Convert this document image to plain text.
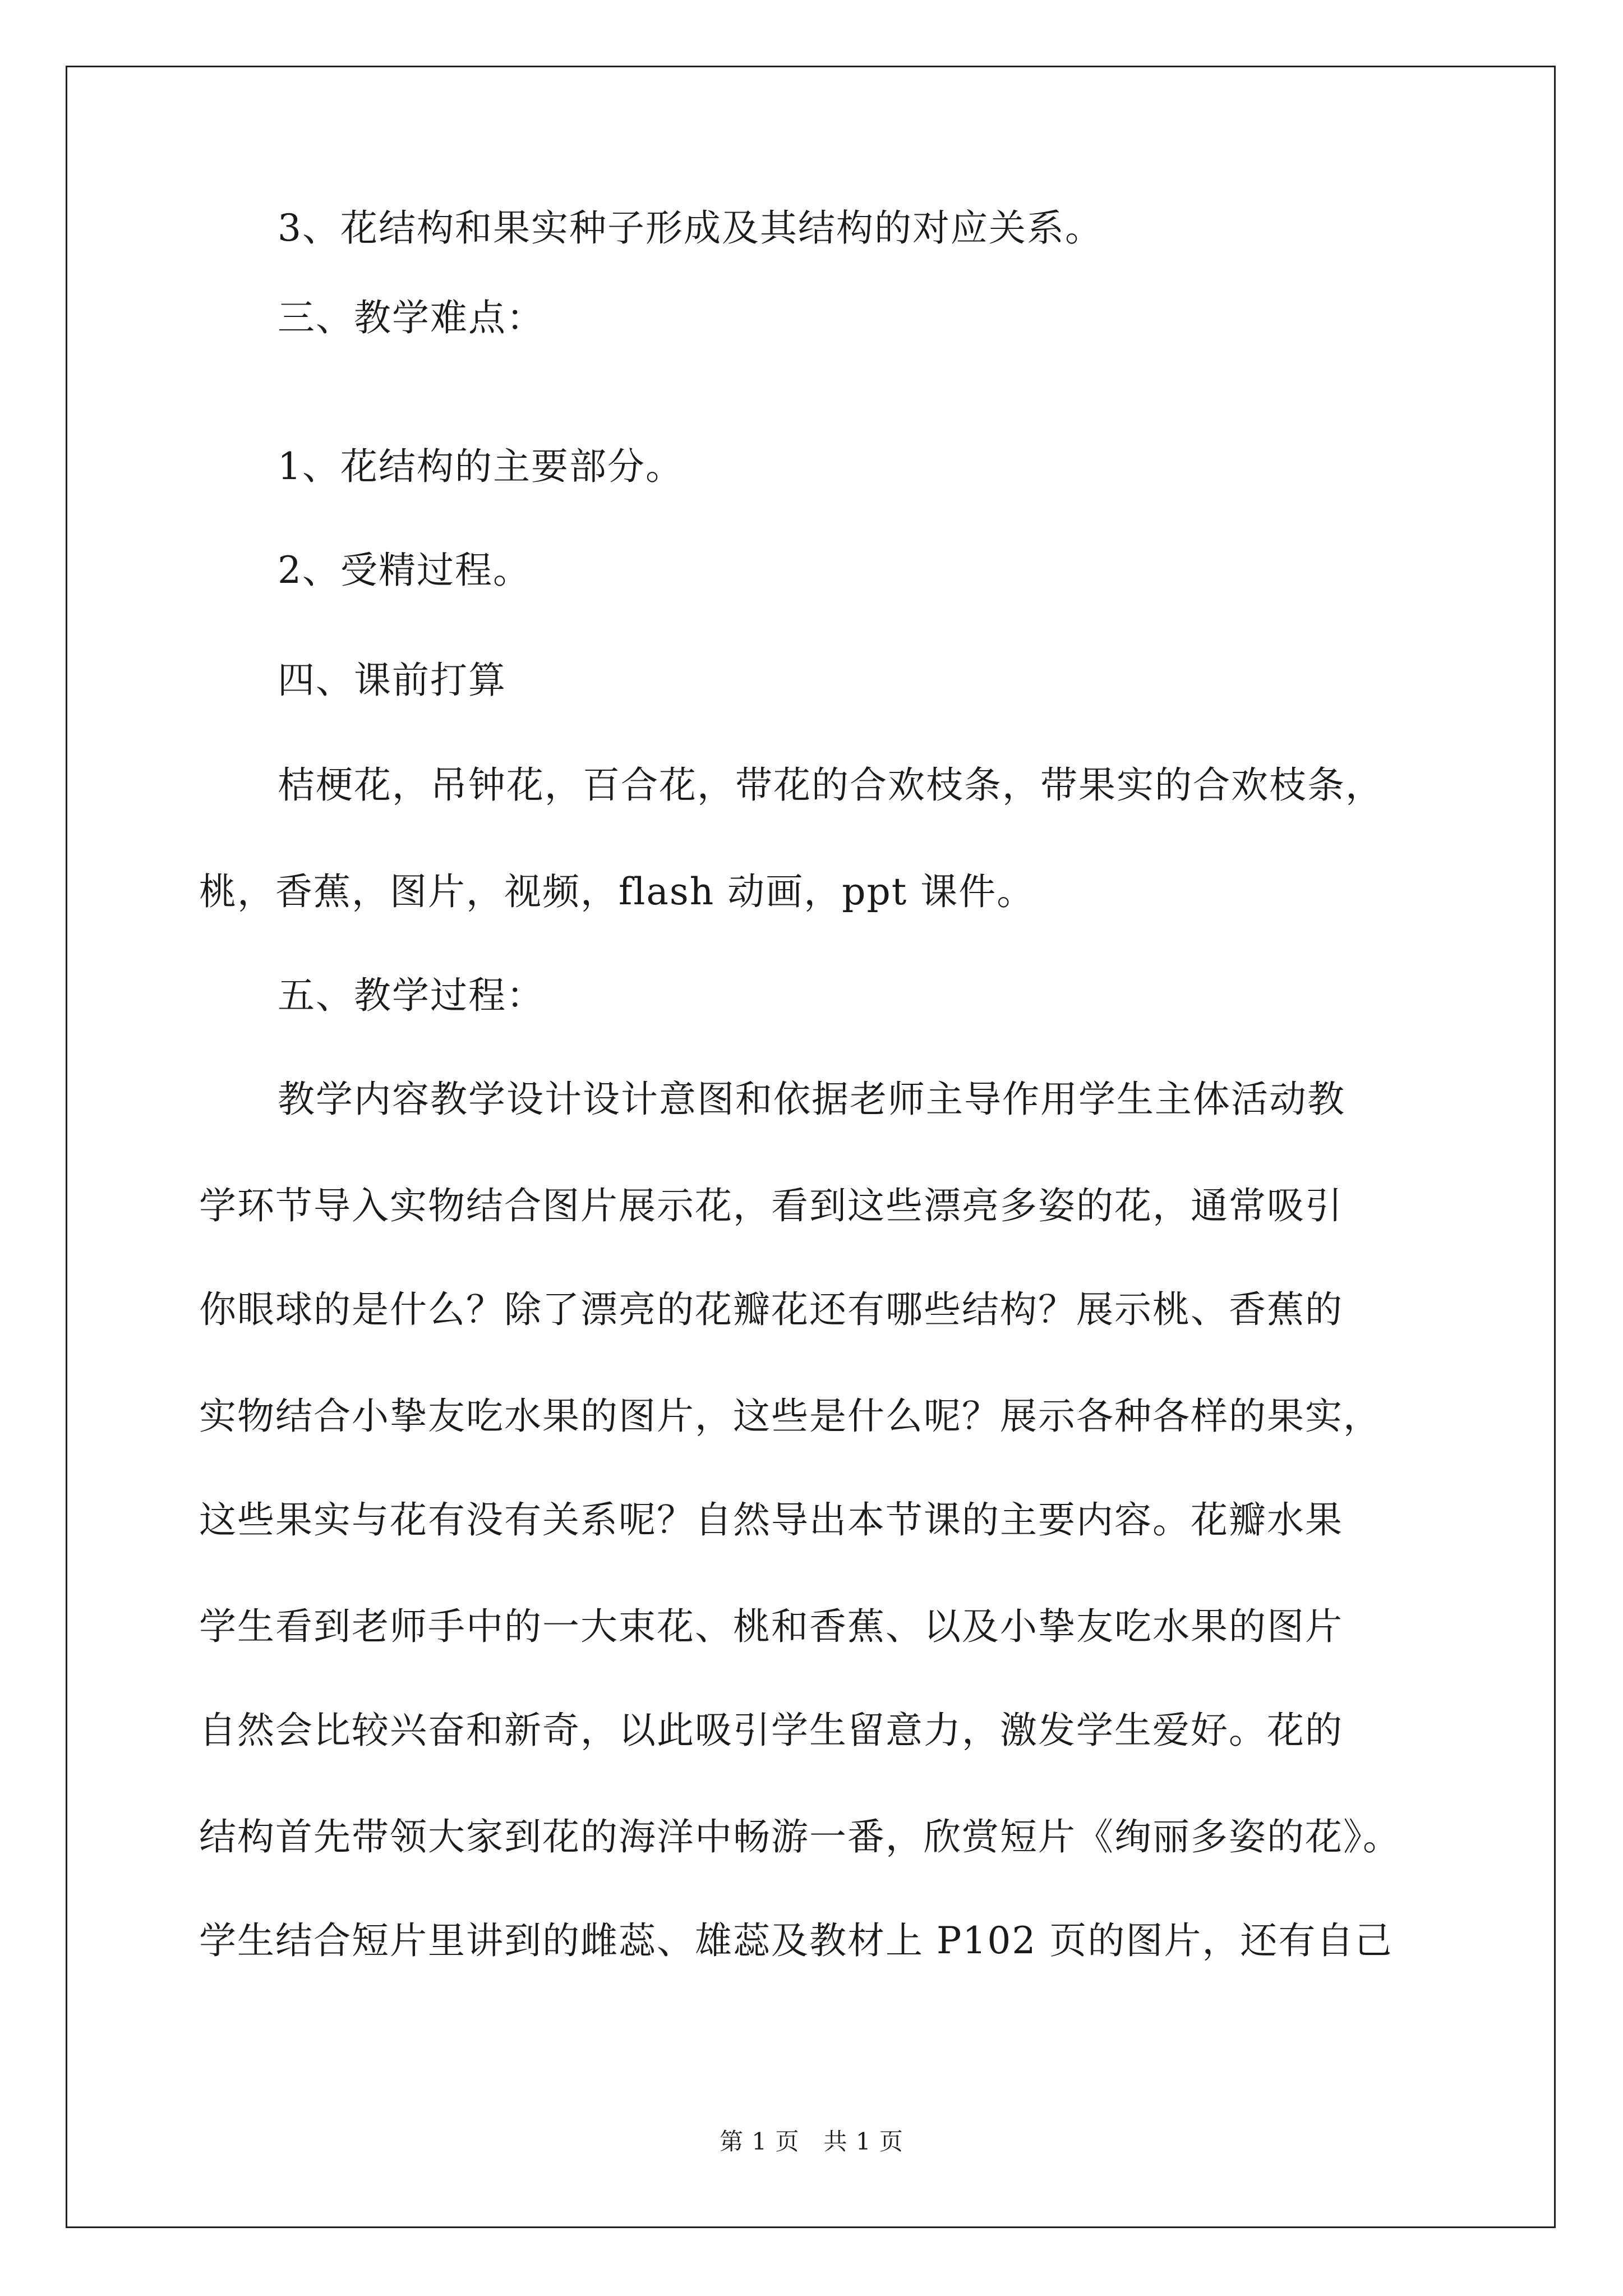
3、花结构和果实种子形成及其结构的对应关系。
三、教学难点：
1、花结构的主要部分。
2、受精过程。
四、课前打算
桔梗花，吊钟花，百合花，带花的合欢枝条，带果实的合欢枝条，
桃，香蕉，图片，视频，flash 动画，ppt 课件。
五、教学过程：
教学内容教学设计设计意图和依据老师主导作用学生主体活动教
学环节导入实物结合图片展示花，看到这些漂亮多姿的花，通常吸引
你眼球的是什么？除了漂亮的花瓣花还有哪些结构？展示桃、香蕉的
实物结合小挚友吃水果的图片，这些是什么呢？展示各种各样的果实，
这些果实与花有没有关系呢？自然导出本节课的主要内容。花瓣水果
学生看到老师手中的一大束花、桃和香蕉、以及小挚友吃水果的图片
自然会比较兴奋和新奇，以此吸引学生留意力，激发学生爱好。花的
结构首先带领大家到花的海洋中畅游一番，欣赏短片《绚丽多姿的花》。
学生结合短片里讲到的雌蕊、雄蕊及教材上 P102 页的图片，还有自己
第 1 页　共 1 页
